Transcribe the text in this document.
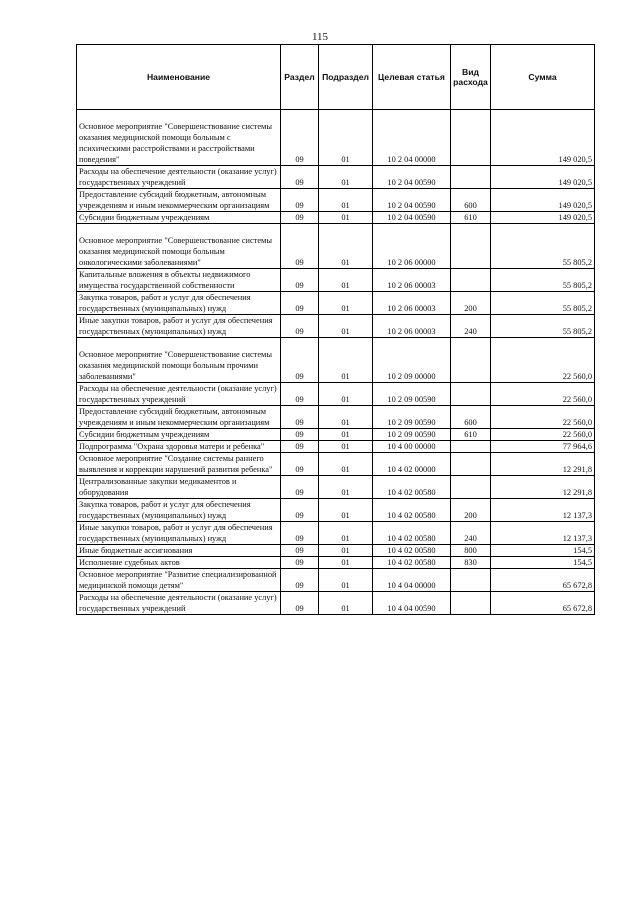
115
Наименование	Раздел	Подраздел	Целевая статья	Вид расхода	Сумма
Основное мероприятие "Совершенствование системы оказания медицинской помощи больным с психическими расстройствами и расстройствами поведения"	09	01	10 2 04 00000		149 020,5
Расходы на обеспечение деятельности (оказание услуг) государственных учреждений	09	01	10 2 04 00590		149 020,5
Предоставление субсидий бюджетным, автономным учреждениям и иным некоммерческим организациям	09	01	10 2 04 00590	600	149 020,5
Субсидии бюджетным учреждениям	09	01	10 2 04 00590	610	149 020,5
Основное мероприятие "Совершенствование системы оказания медицинской помощи больным онкологическими заболеваниями"	09	01	10 2 06 00000		55 805,2
Капитальные вложения в объекты недвижимого имущества государственной собственности	09	01	10 2 06 00003		55 805,2
Закупка товаров, работ и услуг для обеспечения государственных (муниципальных) нужд	09	01	10 2 06 00003	200	55 805,2
Иные закупки товаров, работ и услуг для обеспечения государственных (муниципальных) нужд	09	01	10 2 06 00003	240	55 805,2
Основное мероприятие "Совершенствование системы оказания медицинской помощи больным прочими заболеваниями"	09	01	10 2 09 00000		22 560,0
Расходы на обеспечение деятельности (оказание услуг) государственных учреждений	09	01	10 2 09 00590		22 560,0
Предоставление субсидий бюджетным, автономным учреждениям и иным некоммерческим организациям	09	01	10 2 09 00590	600	22 560,0
Субсидии бюджетным учреждениям	09	01	10 2 09 00590	610	22 560,0
Подпрограмма "Охрана здоровья матери и ребенка"	09	01	10 4 00 00000		77 964,6
Основное мероприятие "Создание системы раннего выявления и коррекции нарушений развития ребенка"	09	01	10 4 02 00000		12 291,8
Централизованные закупки медикаментов и оборудования	09	01	10 4 02 00580		12 291,8
Закупка товаров, работ и услуг для обеспечения государственных (муниципальных) нужд	09	01	10 4 02 00580	200	12 137,3
Иные закупки товаров, работ и услуг для обеспечения государственных (муниципальных) нужд	09	01	10 4 02 00580	240	12 137,3
Иные бюджетные ассигнования	09	01	10 4 02 00580	800	154,5
Исполнение судебных актов	09	01	10 4 02 00580	830	154,5
Основное мероприятие "Развитие специализированной медицинской помощи детям"	09	01	10 4 04 00000		65 672,8
Расходы на обеспечение деятельности (оказание услуг) государственных учреждений	09	01	10 4 04 00590		65 672,8
